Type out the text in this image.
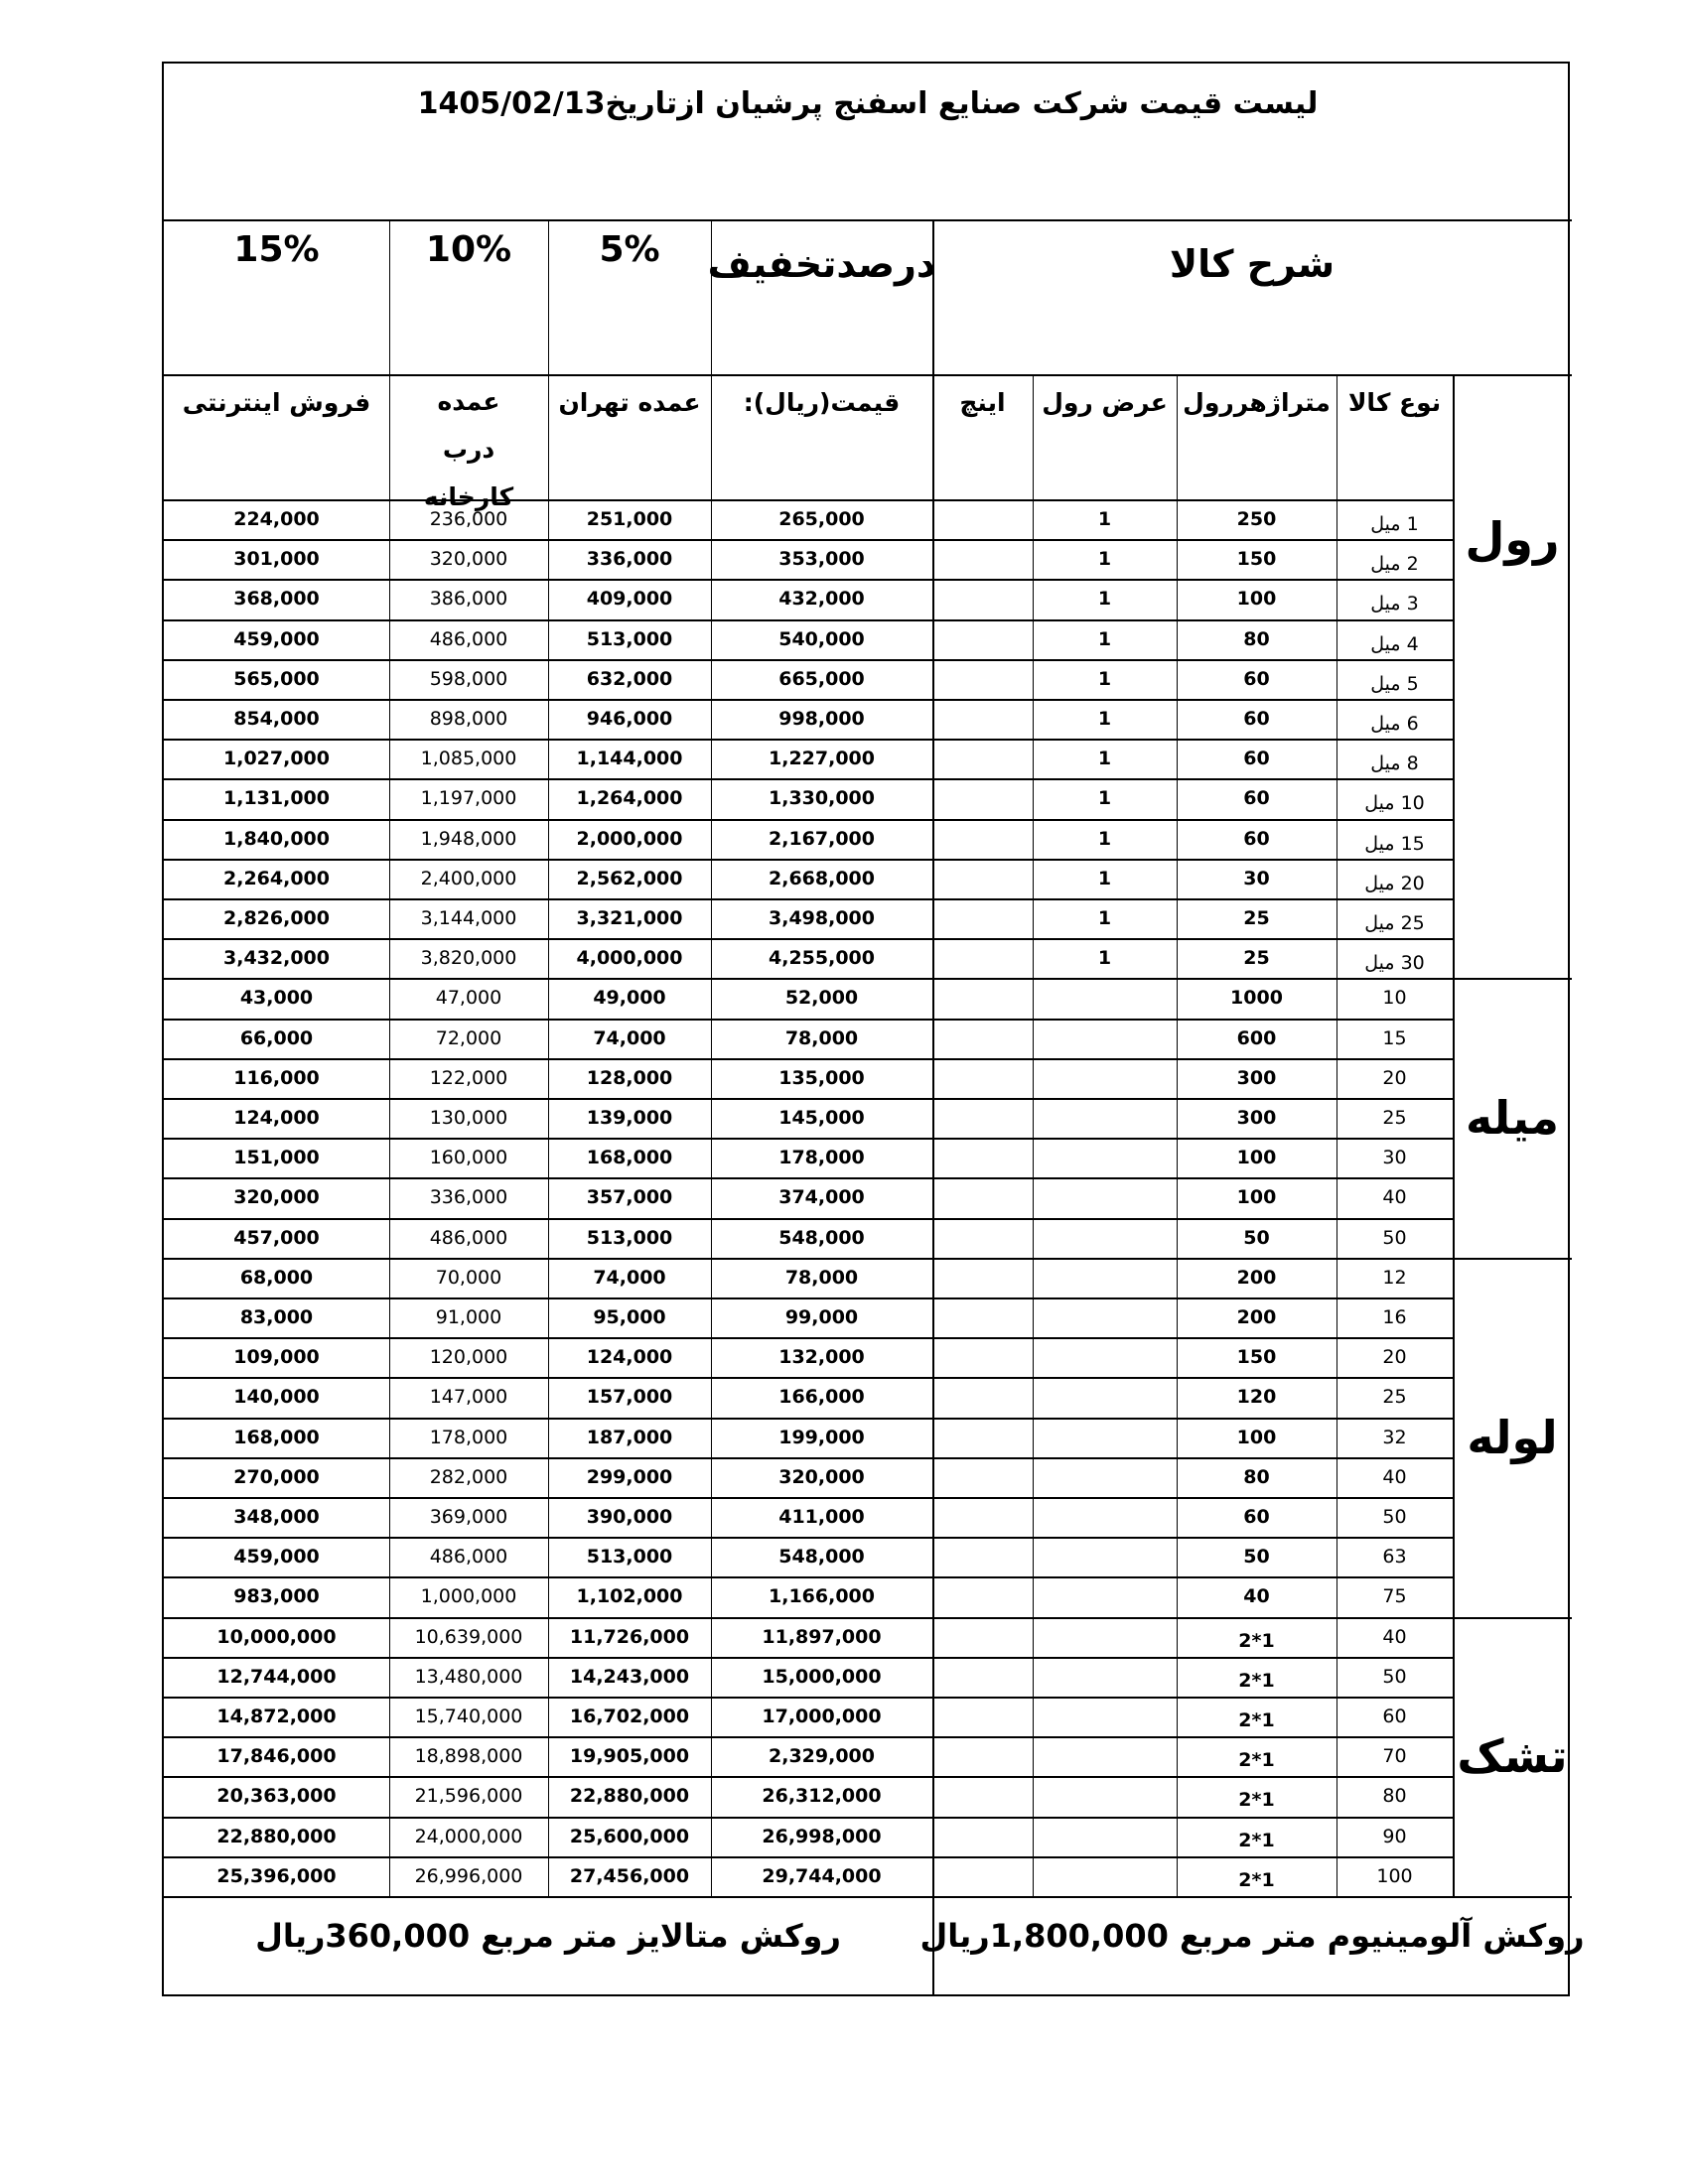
لیست قیمت شرکت صنایع اسفنج پرشیان ازتاریخ1405/02/13
شرح کالا
درصدتخفیف
5%
10%
15%
نوع کالا
متراژهررول
عرض رول
اینچ
قیمت(ریال):
عمده تهران
فروش اینترنتی	عمده درب کارخانه
1 میل
250
1
265,000
251,000
236,000
224,000
2 میل
150
1
353,000
336,000
320,000
301,000
3 میل
100
1
432,000
409,000
386,000
368,000
4 میل
80
1
540,000
513,000
486,000
459,000
5 میل
60
1
665,000
632,000
598,000
565,000
6 میل
60
1
998,000
946,000
898,000
854,000
8 میل
60
1
1,227,000
1,144,000
1,085,000
1,027,000
10 میل
60
1
1,330,000
1,264,000
1,197,000
1,131,000
15 میل
60
1
2,167,000
2,000,000
1,948,000
1,840,000
20 میل
30
1
2,668,000
2,562,000
2,400,000
2,264,000
25 میل
25
1
3,498,000
3,321,000
3,144,000
2,826,000
30 میل
25
1
4,255,000
4,000,000
3,820,000
3,432,000
رول
10
1000
52,000
49,000
47,000
43,000
15
600
78,000
74,000
72,000
66,000
20
300
135,000
128,000
122,000
116,000
25
300
145,000
139,000
130,000
124,000
30
100
178,000
168,000
160,000
151,000
40
100
374,000
357,000
336,000
320,000
50
50
548,000
513,000
486,000
457,000
میله
12
200
78,000
74,000
70,000
68,000
16
200
99,000
95,000
91,000
83,000
20
150
132,000
124,000
120,000
109,000
25
120
166,000
157,000
147,000
140,000
32
100
199,000
187,000
178,000
168,000
40
80
320,000
299,000
282,000
270,000
50
60
411,000
390,000
369,000
348,000
63
50
548,000
513,000
486,000
459,000
75
40
1,166,000
1,102,000
1,000,000
983,000
لوله
40
2*1
11,897,000
11,726,000
10,639,000
10,000,000
50
2*1
15,000,000
14,243,000
13,480,000
12,744,000
60
2*1
17,000,000
16,702,000
15,740,000
14,872,000
70
2*1
2,329,000
19,905,000
18,898,000
17,846,000
80
2*1
26,312,000
22,880,000
21,596,000
20,363,000
90
2*1
26,998,000
25,600,000
24,000,000
22,880,000
100
2*1
29,744,000
27,456,000
26,996,000
25,396,000
تشک
روکش آلومینیوم متر مربع 1,800,000ریال
روکش متالایز متر مربع 360,000ریال
